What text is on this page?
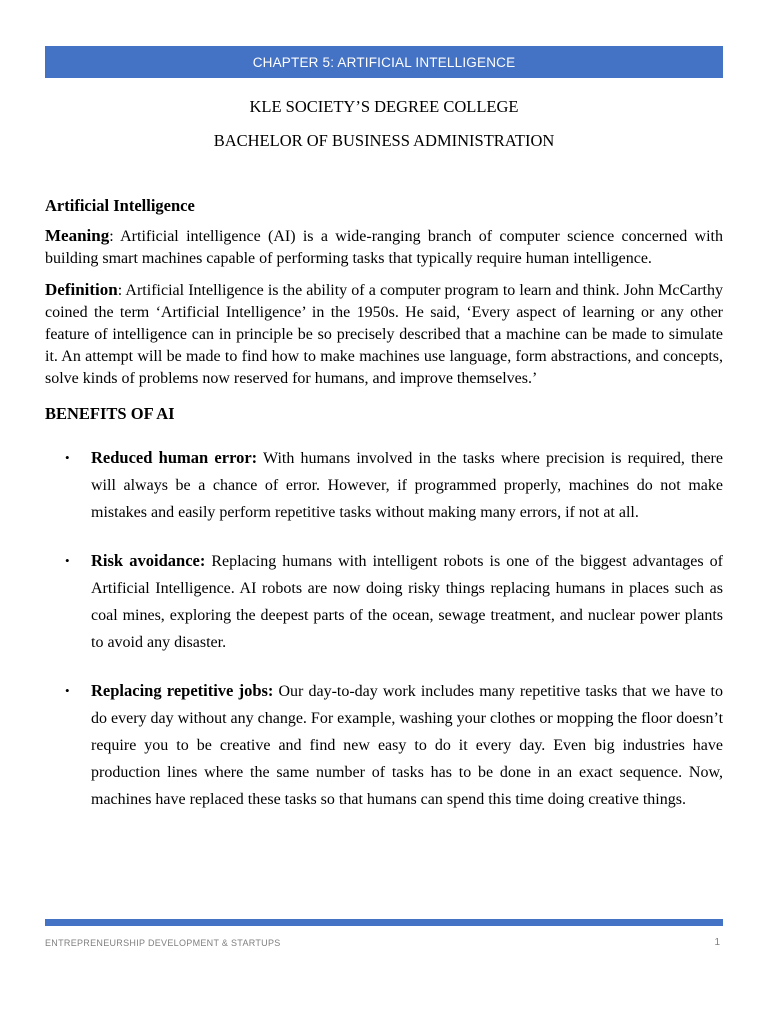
CHAPTER 5: ARTIFICIAL INTELLIGENCE
KLE SOCIETY’S DEGREE COLLEGE
BACHELOR OF BUSINESS ADMINISTRATION
Artificial Intelligence

Meaning: Artificial intelligence (AI) is a wide-ranging branch of computer science concerned with building smart machines capable of performing tasks that typically require human intelligence.

Definition: Artificial Intelligence is the ability of a computer program to learn and think. John McCarthy coined the term ‘Artificial Intelligence’ in the 1950s. He said, ‘Every aspect of learning or any other feature of intelligence can in principle be so precisely described that a machine can be made to simulate it. An attempt will be made to find how to make machines use language, form abstractions, and concepts, solve kinds of problems now reserved for humans, and improve themselves.’

BENEFITS OF AI
• Reduced human error: With humans involved in the tasks where precision is required, there will always be a chance of error. However, if programmed properly, machines do not make mistakes and easily perform repetitive tasks without making many errors, if not at all.
• Risk avoidance: Replacing humans with intelligent robots is one of the biggest advantages of Artificial Intelligence. AI robots are now doing risky things replacing humans in places such as coal mines, exploring the deepest parts of the ocean, sewage treatment, and nuclear power plants to avoid any disaster.
• Replacing repetitive jobs: Our day-to-day work includes many repetitive tasks that we have to do every day without any change. For example, washing your clothes or mopping the floor doesn’t require you to be creative and find new easy to do it every day. Even big industries have production lines where the same number of tasks has to be done in an exact sequence. Now, machines have replaced these tasks so that humans can spend this time doing creative things.
ENTREPRENEURSHIP DEVELOPMENT & STARTUPS	1
